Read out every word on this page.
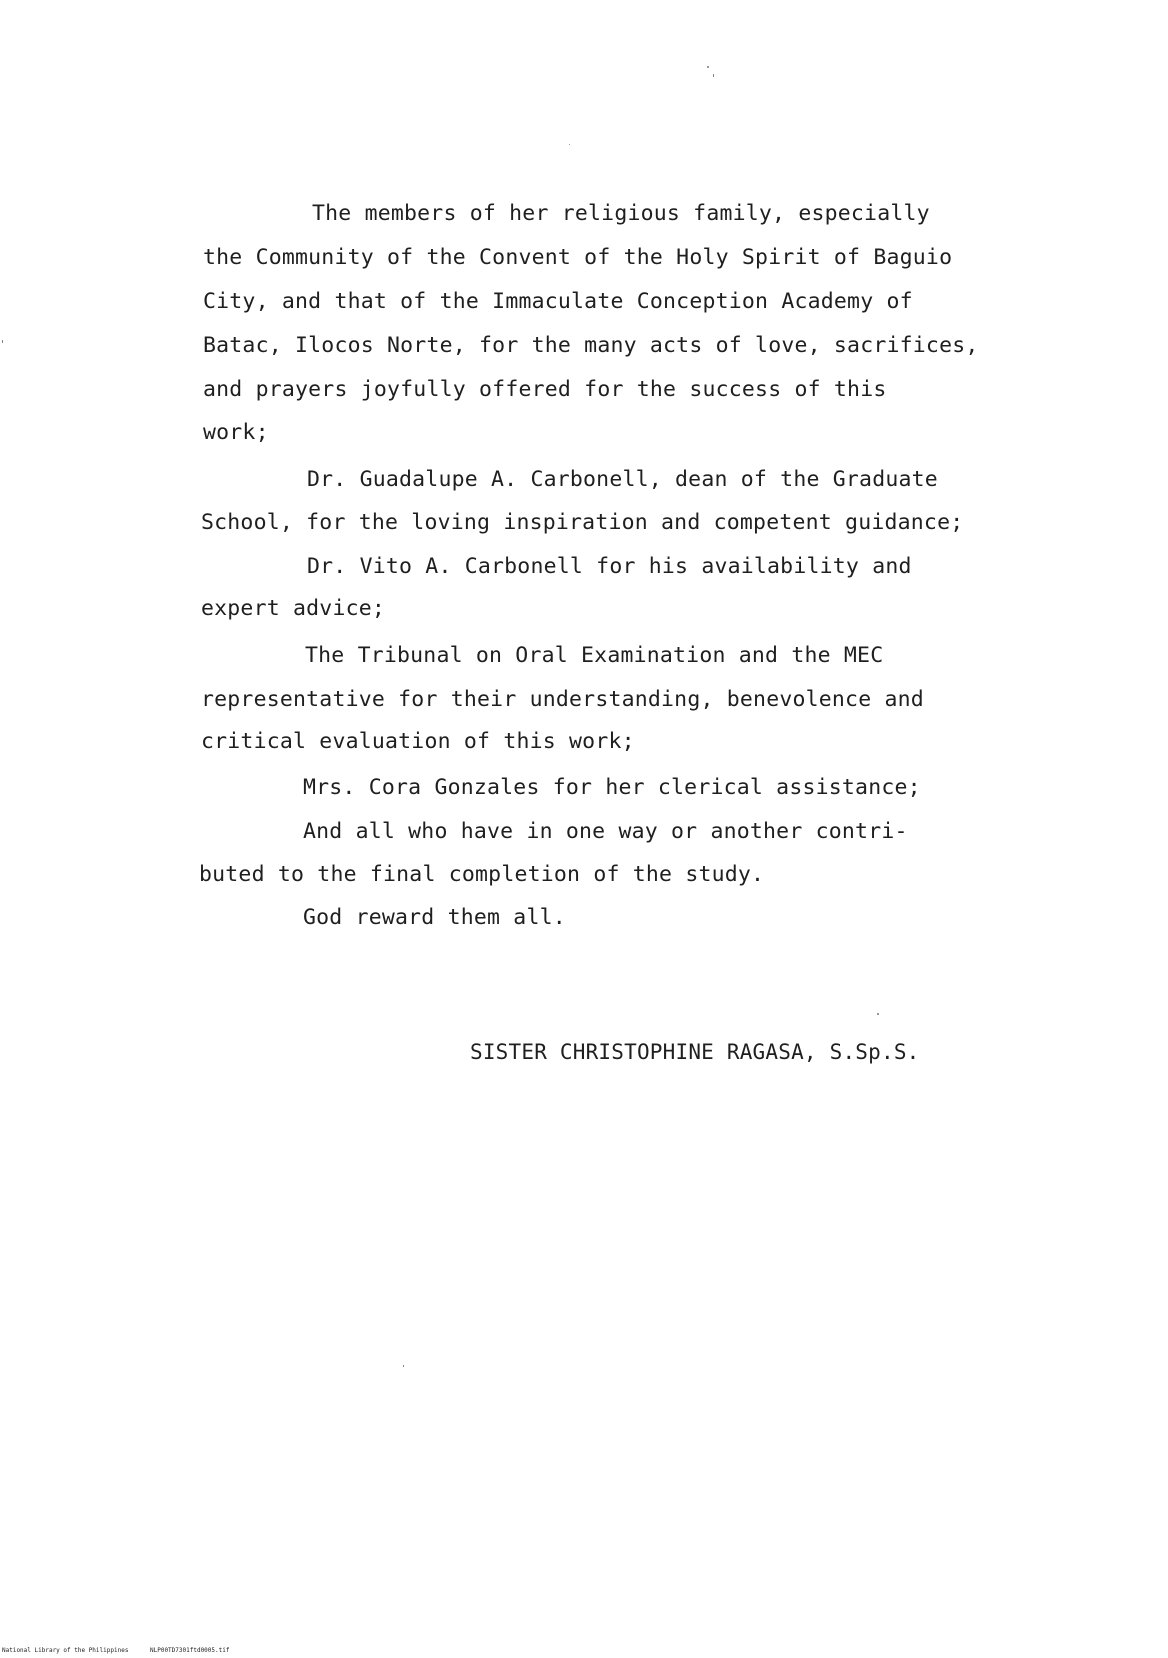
The members of her religious family, especially
the Community of the Convent of the Holy Spirit of Baguio
City, and that of the Immaculate Conception Academy of
Batac, Ilocos Norte, for the many acts of love, sacrifices,
and prayers joyfully offered for the success of this
work;
Dr. Guadalupe A. Carbonell, dean of the Graduate
School, for the loving inspiration and competent guidance;
Dr. Vito A. Carbonell for his availability and
expert advice;
The Tribunal on Oral Examination and the MEC
representative for their understanding, benevolence and
critical evaluation of this work;
Mrs. Cora Gonzales for her clerical assistance;
And all who have in one way or another contri-
buted to the final completion of the study.
God reward them all.
SISTER CHRISTOPHINE RAGASA, S.Sp.S.
National Library of the Philippines	NLP00TD7301ftd0005.tif
